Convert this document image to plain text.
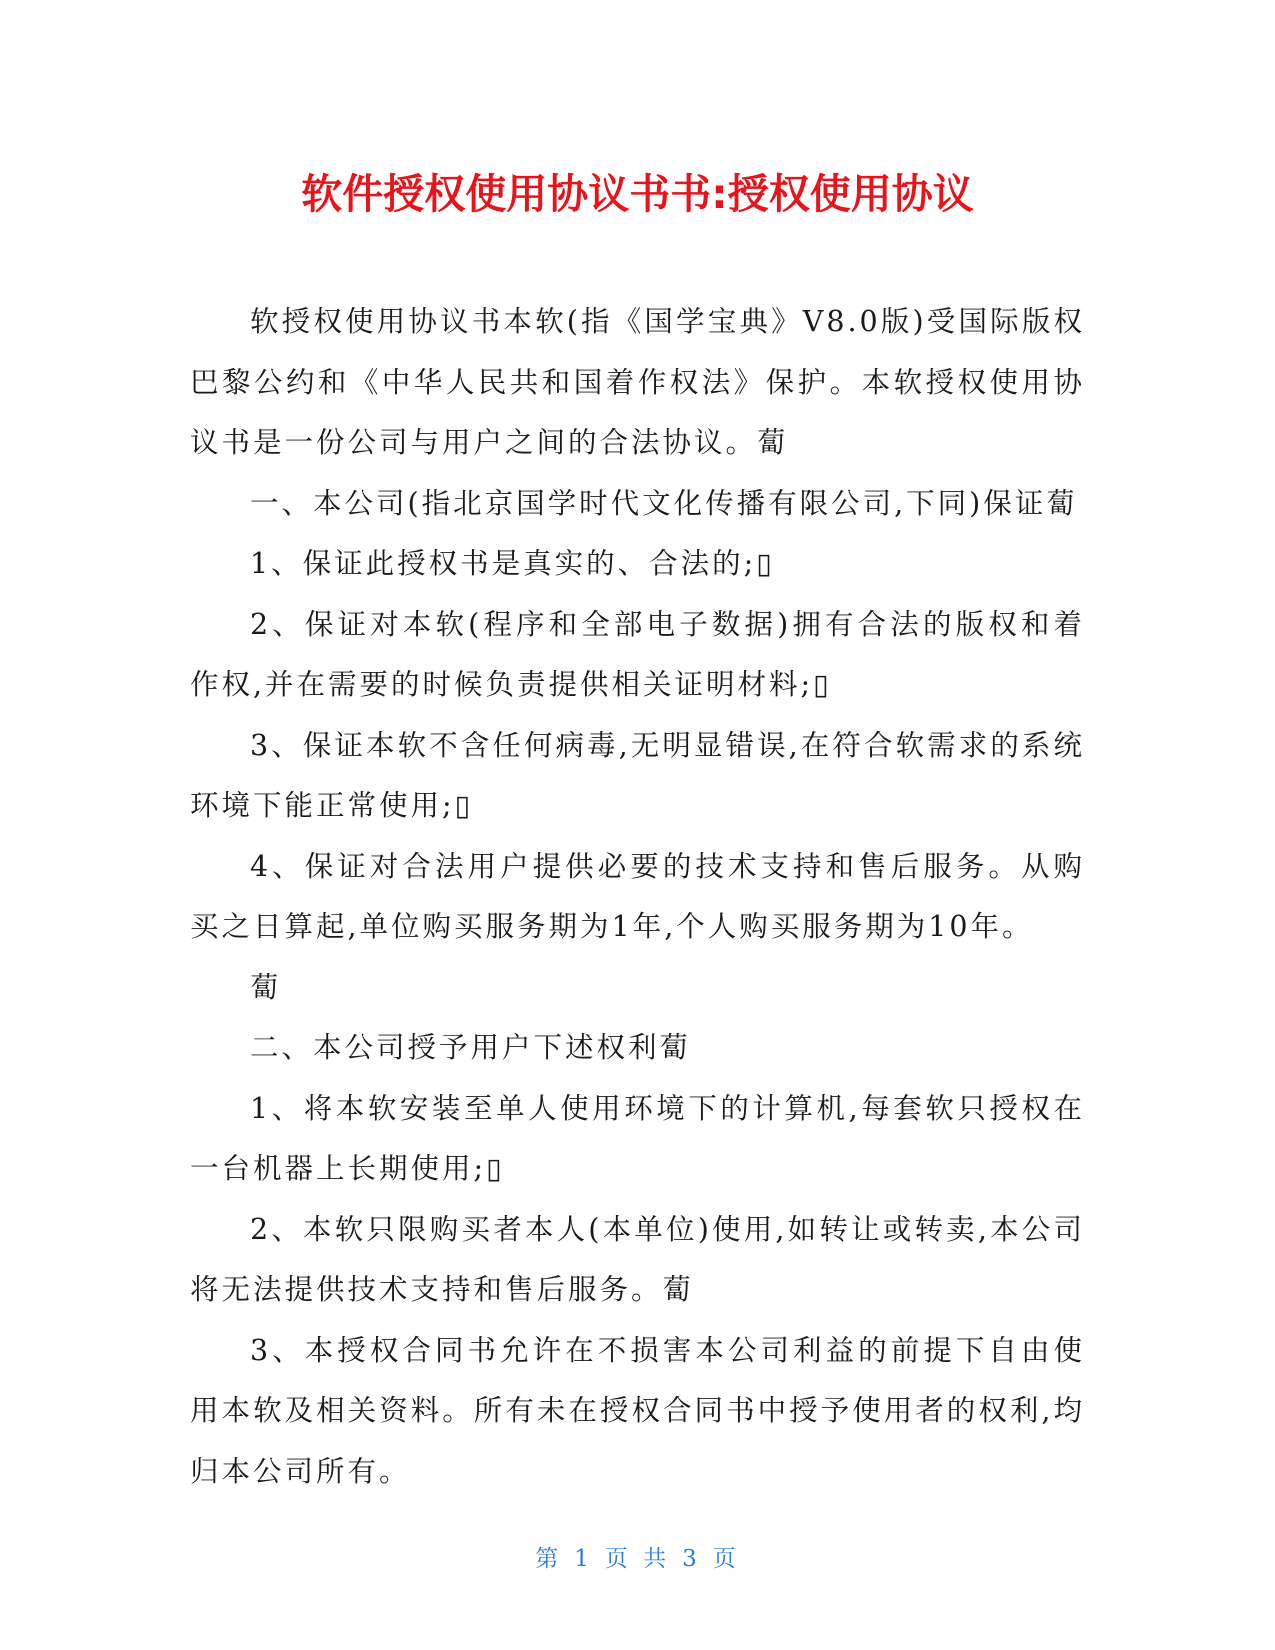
软件授权使用协议书书:授权使用协议

软授权使用协议书本软(指《国学宝典》V8.0版)受国际版权巴黎公约和《中华人民共和国着作权法》保护。本软授权使用协议书是一份公司与用户之间的合法协议。蔔

一、本公司(指北京国学时代文化传播有限公司,下同)保证蔔

1、保证此授权书是真实的、合法的;▯

2、保证对本软(程序和全部电子数据)拥有合法的版权和着作权,并在需要的时候负责提供相关证明材料;▯

3、保证本软不含任何病毒,无明显错误,在符合软需求的系统环境下能正常使用;▯

4、保证对合法用户提供必要的技术支持和售后服务。从购买之日算起,单位购买服务期为1年,个人购买服务期为10年。

蔔

二、本公司授予用户下述权利蔔

1、将本软安装至单人使用环境下的计算机,每套软只授权在一台机器上长期使用;▯

2、本软只限购买者本人(本单位)使用,如转让或转卖,本公司将无法提供技术支持和售后服务。蔔

3、本授权合同书允许在不损害本公司利益的前提下自由使用本软及相关资料。所有未在授权合同书中授予使用者的权利,均归本公司所有。

第 1 页 共 3 页
